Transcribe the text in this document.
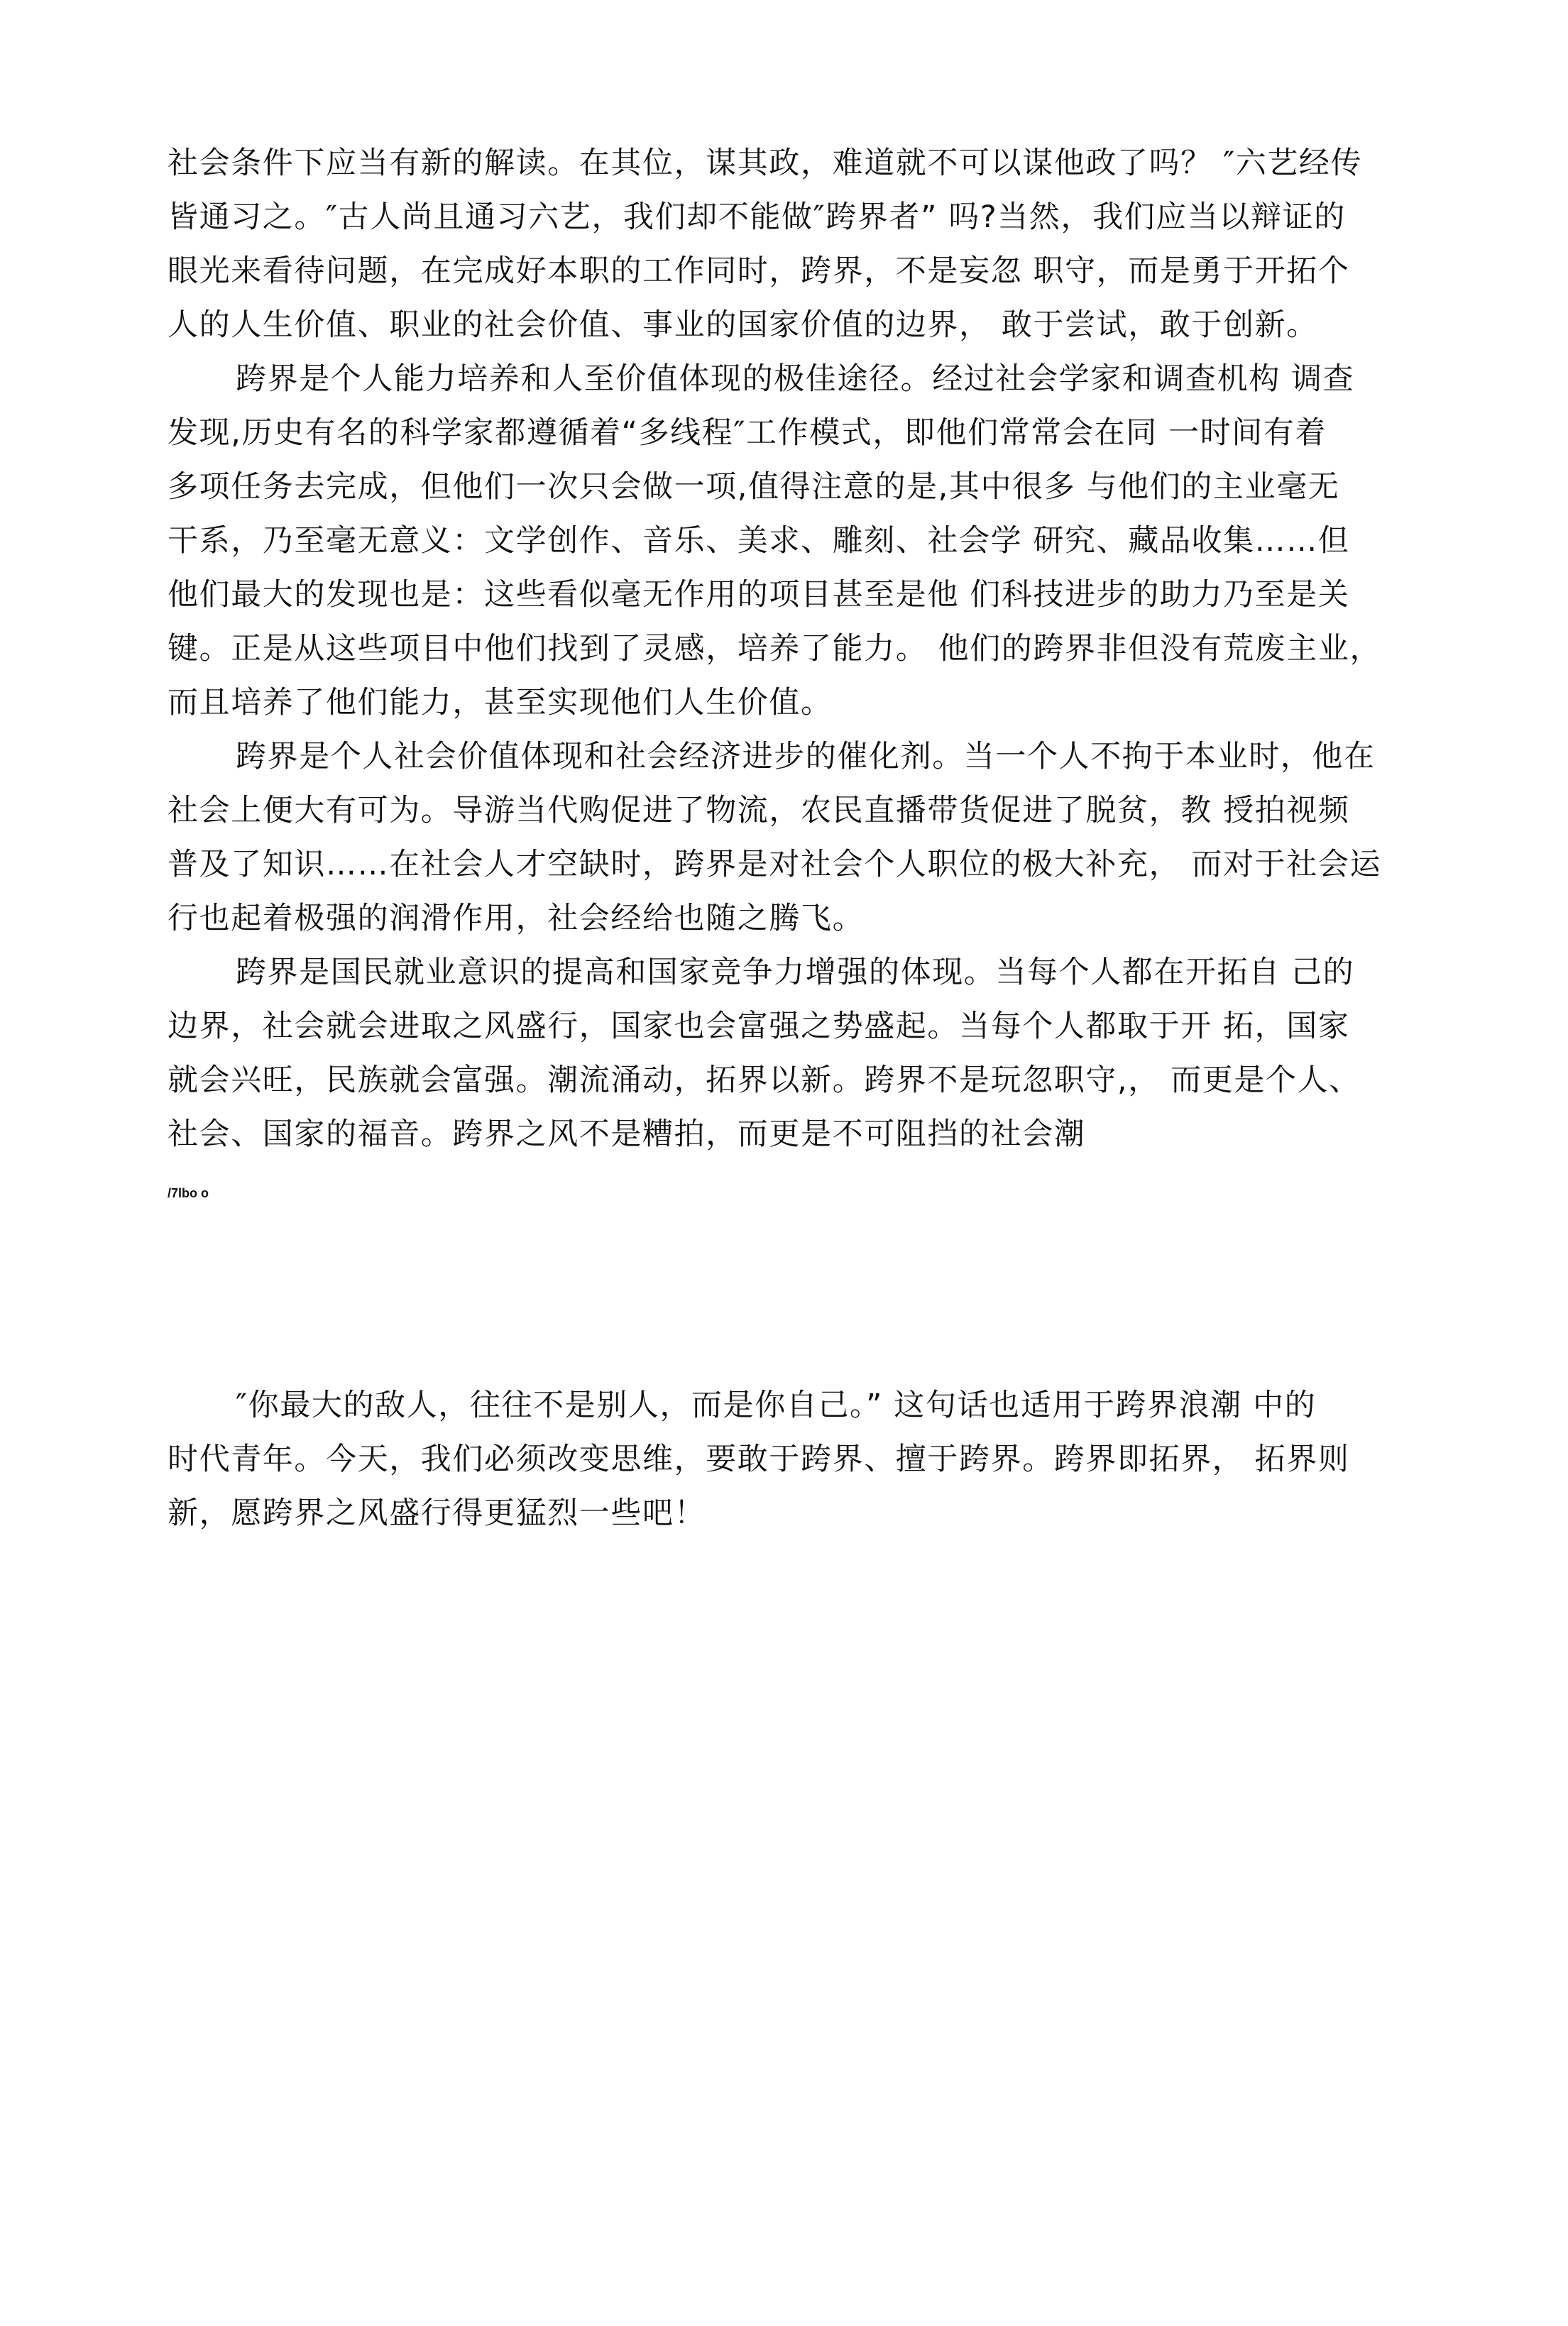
社会条件下应当有新的解读。在其位，谋其政，难道就不可以谋他政了吗？ ″六艺经传
皆通习之。″古人尚且通习六艺，我们却不能做″跨界者” 吗?当然，我们应当以辩证的
眼光来看待问题，在完成好本职的工作同时，跨界，不是妄忽 职守，而是勇于开拓个
人的人生价值、职业的社会价值、事业的国家价值的边界， 敢于尝试，敢于创新。
跨界是个人能力培养和人至价值体现的极佳途径。经过社会学家和调查机构 调查
发现,历史有名的科学家都遵循着“多线程″工作模式，即他们常常会在同 一时间有着
多项任务去完成，但他们一次只会做一项,值得注意的是,其中很多 与他们的主业毫无
干系，乃至毫无意义：文学创作、音乐、美求、雕刻、社会学 研究、藏品收集……但
他们最大的发现也是：这些看似毫无作用的项目甚至是他 们科技进步的助力乃至是关
键。正是从这些项目中他们找到了灵感，培养了能力。 他们的跨界非但没有荒废主业，
而且培养了他们能力，甚至实现他们人生价值。
跨界是个人社会价值体现和社会经济进步的催化剂。当一个人不拘于本业时，他在
社会上便大有可为。导游当代购促进了物流，农民直播带货促进了脱贫，教 授拍视频
普及了知识……在社会人才空缺时，跨界是对社会个人职位的极大补充， 而对于社会运
行也起着极强的润滑作用，社会经给也随之腾飞。
跨界是国民就业意识的提高和国家竞争力增强的体现。当每个人都在开拓自 己的
边界，社会就会进取之风盛行，国家也会富强之势盛起。当每个人都取于开 拓，国家
就会兴旺，民族就会富强。潮流涌动，拓界以新。跨界不是玩忽职守,， 而更是个人、
社会、国家的福音。跨界之风不是糟拍，而更是不可阻挡的社会潮
/7lbo o
″你最大的敌人，往往不是别人，而是你自己。” 这句话也适用于跨界浪潮 中的
时代青年。今天，我们必须改变思维，要敢于跨界、擅于跨界。跨界即拓界， 拓界则
新，愿跨界之风盛行得更猛烈一些吧！
